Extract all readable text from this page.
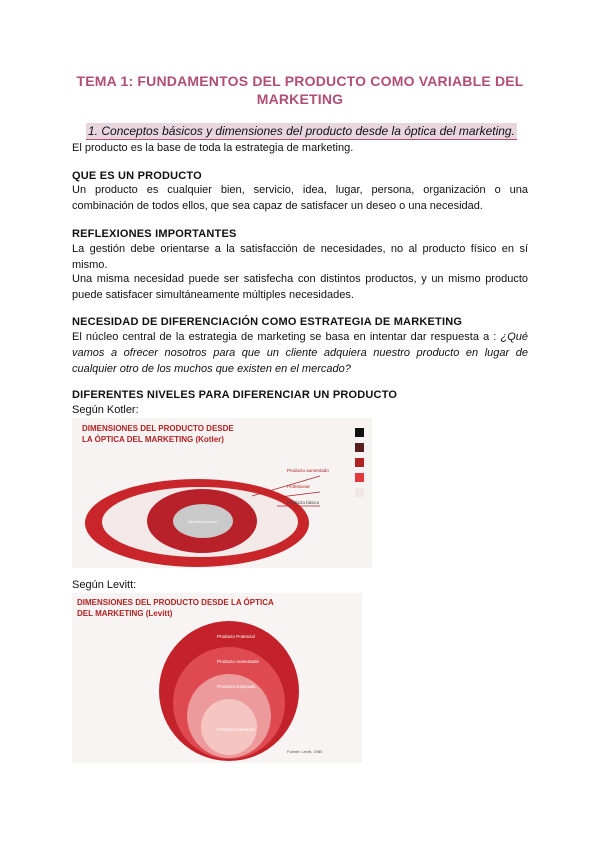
TEMA 1: FUNDAMENTOS DEL PRODUCTO COMO VARIABLE DEL MARKETING
1. Conceptos básicos y dimensiones del producto desde la óptica del marketing.
El producto es la base de toda la estrategia de marketing.
QUE ES UN PRODUCTO
Un producto es cualquier bien, servicio, idea, lugar, persona, organización o una combinación de todos ellos, que sea capaz de satisfacer un deseo o una necesidad.
REFLEXIONES IMPORTANTES
La gestión debe orientarse a la satisfacción de necesidades, no al producto físico en sí mismo.
Una misma necesidad puede ser satisfecha con distintos productos, y un mismo producto puede satisfacer simultáneamente múltiples necesidades.
NECESIDAD DE DIFERENCIACIÓN COMO ESTRATEGIA DE MARKETING
El núcleo central de la estrategia de marketing se basa en intentar dar respuesta a : ¿Qué vamos a ofrecer nosotros para que un cliente adquiera nuestro producto en lugar de cualquier otro de los muchos que existen en el mercado?
DIFERENTES NIVELES PARA DIFERENCIAR UN PRODUCTO
Según Kotler:
DIMENSIONES DEL PRODUCTO DESDE
LA ÓPTICA DEL MARKETING (Kotler)
Beneficio básico
Producto aumentado
Profesional
Producto básico
Según Levitt:
DIMENSIONES DEL PRODUCTO DESDE LA ÓPTICA
DEL MARKETING (Levitt)
Producto Potencial
Producto Aumentado
Producto Esperado
Producto Genérico
Fuente: Levitt, 1980
